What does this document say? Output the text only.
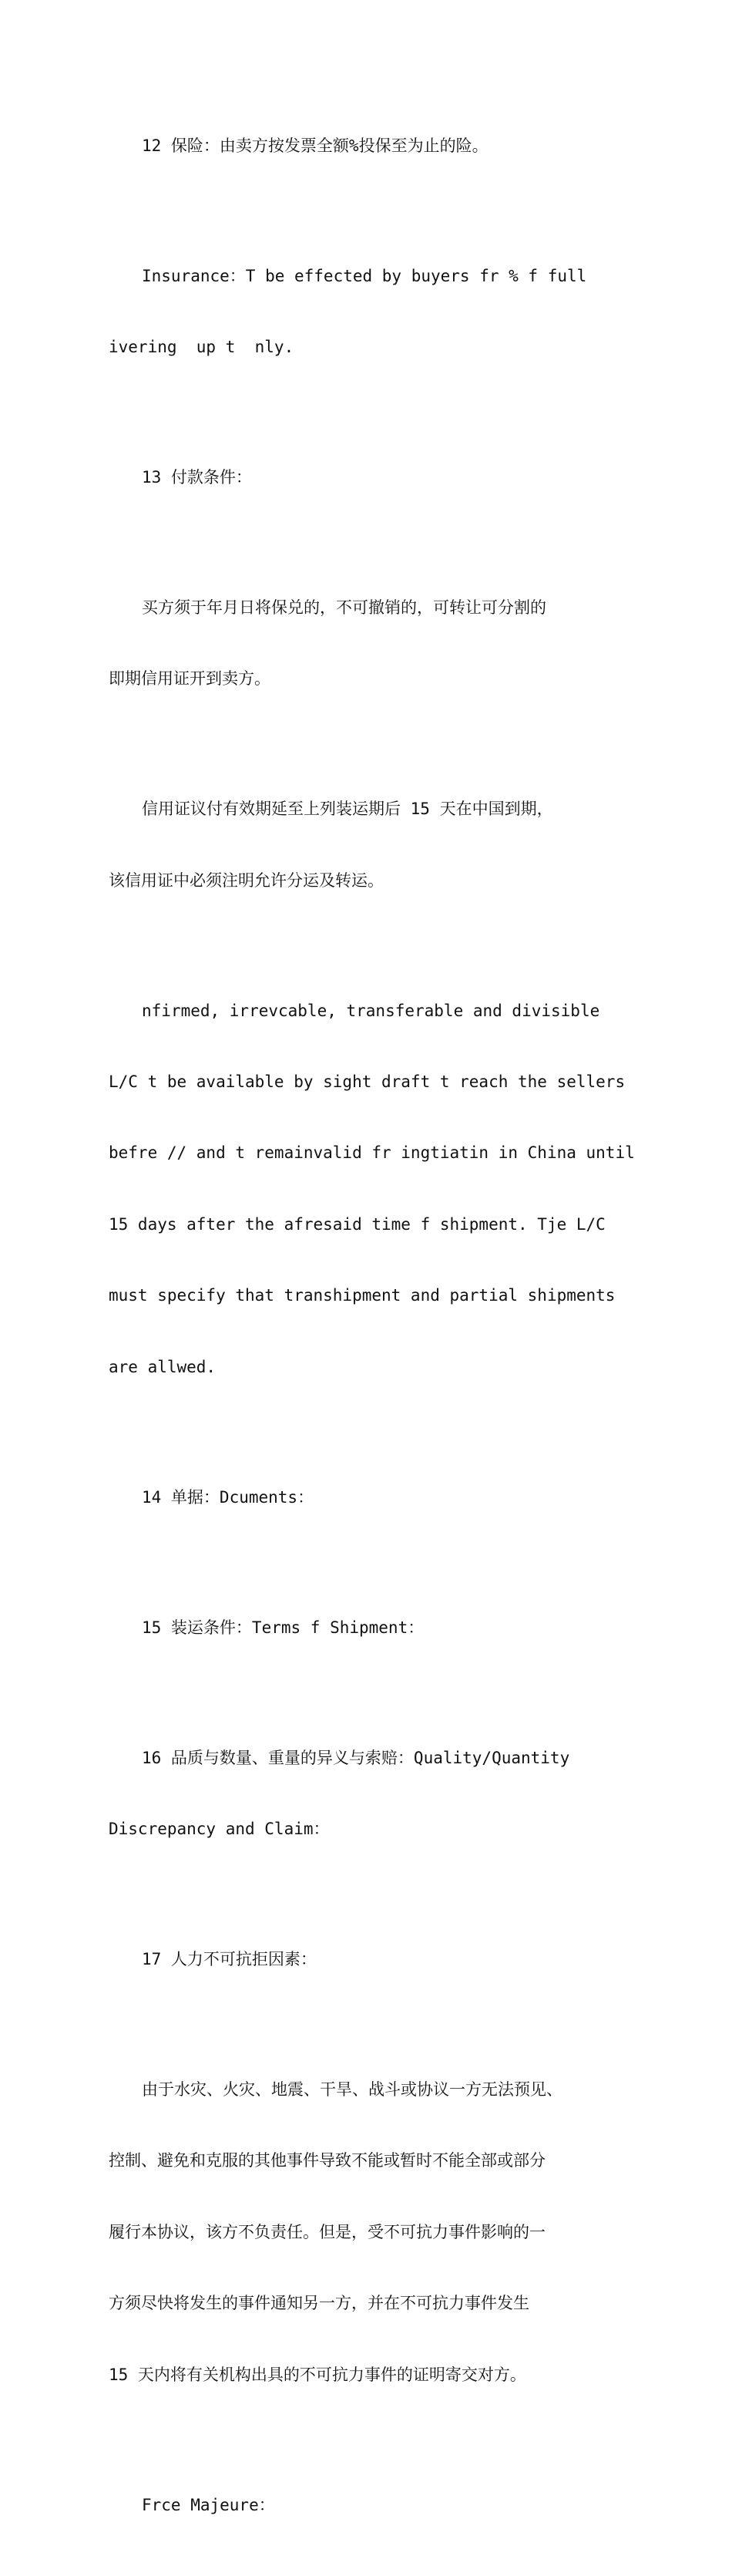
12 保险：由卖方按发票全额%投保至为止的险。

Insurance：T be effected by buyers fr % f full

ivering  up t  nly.

13 付款条件：

买方须于年月日将保兑的，不可撤销的，可转让可分割的

即期信用证开到卖方。

信用证议付有效期延至上列装运期后 15 天在中国到期，

该信用证中必须注明允许分运及转运。

nfirmed, irrevcable, transferable and divisible

L/C t be available by sight draft t reach the sellers

befre // and t remainvalid fr ingtiatin in China until

15 days after the afresaid time f shipment. Tje L/C

must specify that transhipment and partial shipments

are allwed.

14 单据：Dcuments：

15 装运条件：Terms f Shipment：

16 品质与数量、重量的异义与索赔：Quality/Quantity

Discrepancy and Claim：

17 人力不可抗拒因素：

由于水灾、火灾、地震、干旱、战斗或协议一方无法预见、

控制、避免和克服的其他事件导致不能或暂时不能全部或部分

履行本协议，该方不负责任。但是，受不可抗力事件影响的一

方须尽快将发生的事件通知另一方，并在不可抗力事件发生

15 天内将有关机构出具的不可抗力事件的证明寄交对方。

Frce Majeure：
